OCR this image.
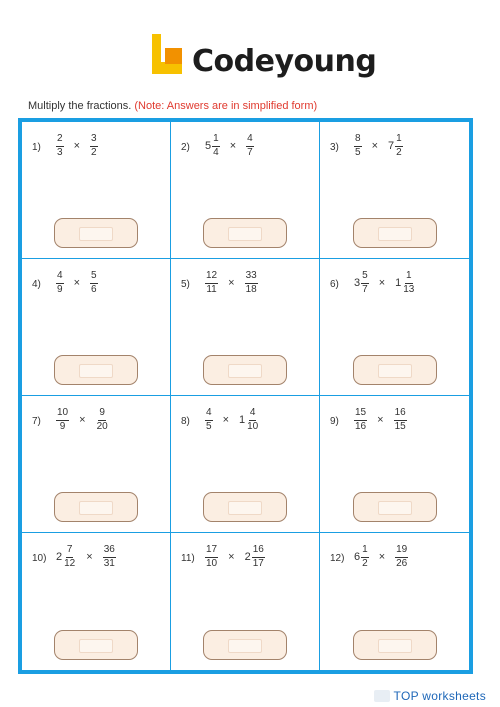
Codeyoung
Multiply the fractions. (Note: Answers are in simplified form)
$1) \frac{2}{3} \times \frac{3}{2}$	2) $5 \frac{1}{4} \times \frac{4}{7}$	$3) \frac{8}{5} \times 7 \frac{1}{2}$
$4) \frac{4}{9} \times \frac{5}{6}$	$5) \frac{12}{11} \times \frac{33}{18}$	6) $3 \frac{5}{7} \times 1 \frac{1}{13}$
$7) \frac{10}{9} \times \frac{9}{20}$	$8) \frac{4}{5} \times 1 \frac{4}{10}$	$9) \frac{15}{16} \times \frac{16}{15}$
10) $2 \frac{7}{12} \times \frac{36}{31}$	$11) \frac{17}{10} \times 2 \frac{16}{17}$	12) $6 \frac{1}{2} \times \frac{19}{26}$
TOP worksheets
